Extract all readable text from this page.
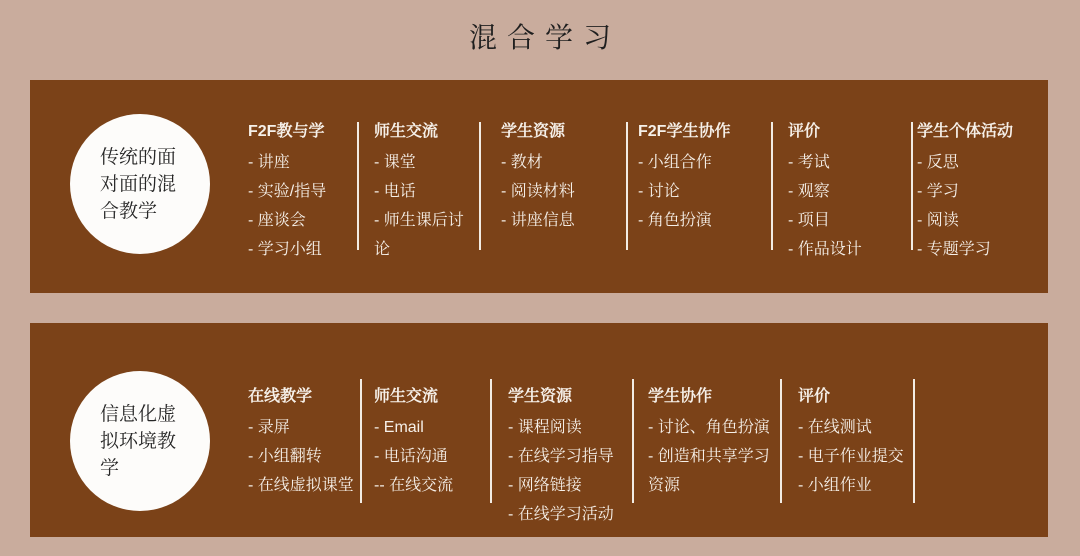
混合学习
传统的面对面的混合教学
F2F教与学
- 讲座
- 实验/指导
- 座谈会
- 学习小组
师生交流
- 课堂
- 电话
- 师生课后讨论
学生资源
- 教材
- 阅读材料
- 讲座信息
F2F学生协作
- 小组合作
- 讨论
- 角色扮演
评价
- 考试
- 观察
- 项目
- 作品设计
学生个体活动
- 反思
- 学习
- 阅读
- 专题学习
信息化虚拟环境教学
在线教学
- 录屏
- 小组翻转
- 在线虚拟课堂
师生交流
- Email
- 电话沟通
-- 在线交流
学生资源
- 课程阅读
- 在线学习指导
- 网络链接
- 在线学习活动
学生协作
- 讨论、角色扮演
- 创造和共享学习资源
评价
- 在线测试
- 电子作业提交
- 小组作业
